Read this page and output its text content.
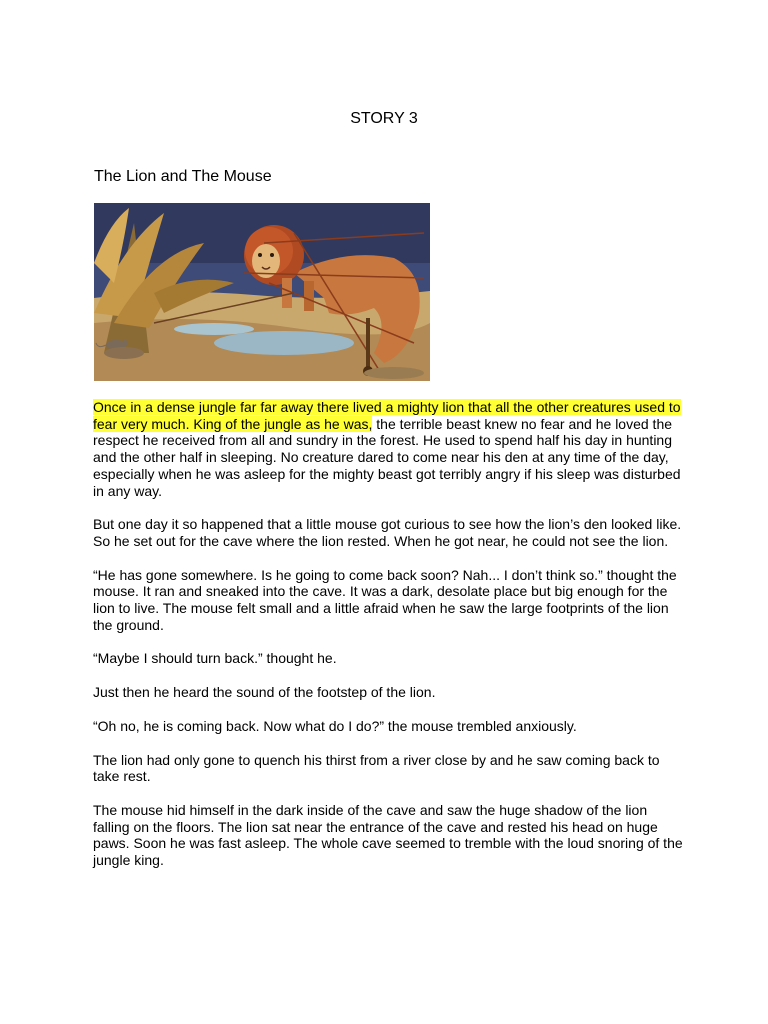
STORY 3
The Lion and The Mouse

Once in a dense jungle far far away there lived a mighty lion that all the other creatures used to fear very much. King of the jungle as he was, the terrible beast knew no fear and he loved the respect he received from all and sundry in the forest. He used to spend half his day in hunting and the other half in sleeping. No creature dared to come near his den at any time of the day, especially when he was asleep for the mighty beast got terribly angry if his sleep was disturbed in any way.

But one day it so happened that a little mouse got curious to see how the lion’s den looked like. So he set out for the cave where the lion rested. When he got near, he could not see the lion.

“He has gone somewhere. Is he going to come back soon? Nah... I don’t think so.” thought the mouse. It ran and sneaked into the cave. It was a dark, desolate place but big enough for the lion to live. The mouse felt small and a little afraid when he saw the large footprints of the lion the ground.

“Maybe I should turn back.” thought he.

Just then he heard the sound of the footstep of the lion.

“Oh no, he is coming back. Now what do I do?” the mouse trembled anxiously.

The lion had only gone to quench his thirst from a river close by and he saw coming back to take rest.

The mouse hid himself in the dark inside of the cave and saw the huge shadow of the lion falling on the floors. The lion sat near the entrance of the cave and rested his head on huge paws. Soon he was fast asleep. The whole cave seemed to tremble with the loud snoring of the jungle king.
